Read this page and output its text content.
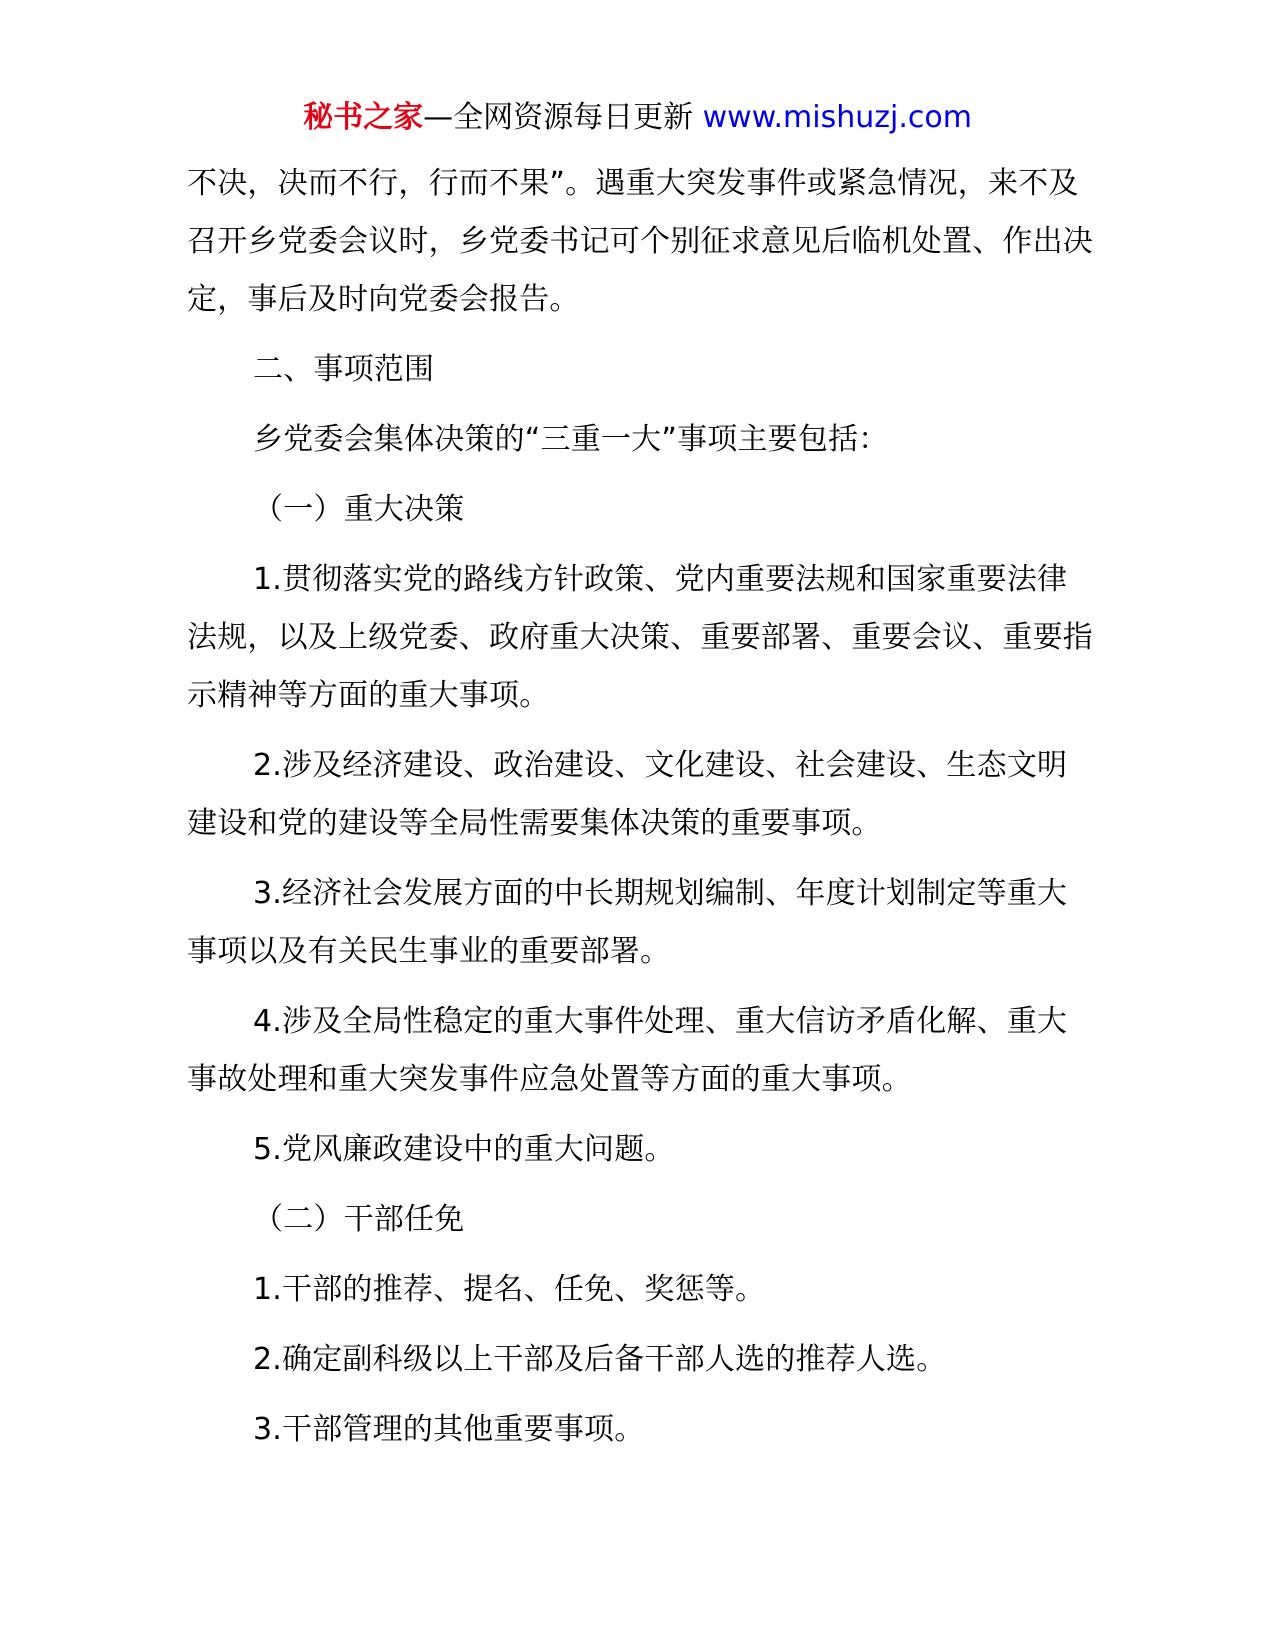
秘书之家—全网资源每日更新 www.mishuzj.com

不决，决而不行，行而不果”。遇重大突发事件或紧急情况，来不及召开乡党委会议时，乡党委书记可个别征求意见后临机处置、作出决定，事后及时向党委会报告。

二、事项范围

乡党委会集体决策的“三重一大”事项主要包括：

（一）重大决策

1.贯彻落实党的路线方针政策、党内重要法规和国家重要法律法规，以及上级党委、政府重大决策、重要部署、重要会议、重要指示精神等方面的重大事项。

2.涉及经济建设、政治建设、文化建设、社会建设、生态文明建设和党的建设等全局性需要集体决策的重要事项。

3.经济社会发展方面的中长期规划编制、年度计划制定等重大事项以及有关民生事业的重要部署。

4.涉及全局性稳定的重大事件处理、重大信访矛盾化解、重大事故处理和重大突发事件应急处置等方面的重大事项。

5.党风廉政建设中的重大问题。

（二）干部任免

1.干部的推荐、提名、任免、奖惩等。

2.确定副科级以上干部及后备干部人选的推荐人选。

3.干部管理的其他重要事项。
